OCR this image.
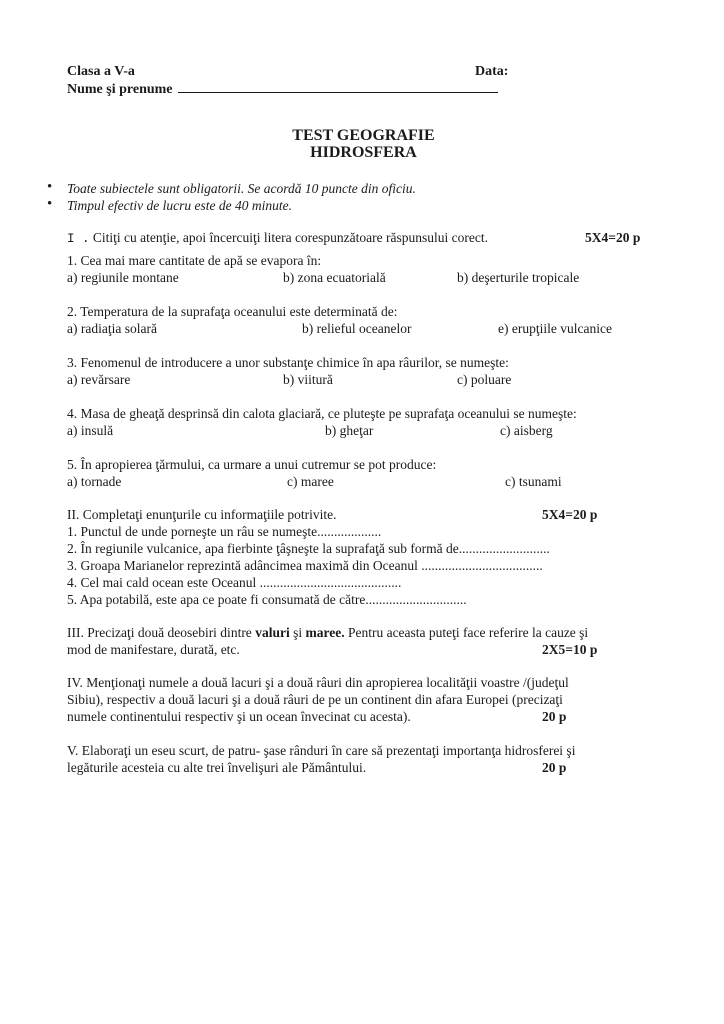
Clasa a V-a	Data:
Nume şi prenume
TEST GEOGRAFIE
HIDROSFERA
• Toate subiectele sunt obligatorii. Se acordă 10 puncte din oficiu.
• Timpul efectiv de lucru este de 40 minute.
I . Citiţi cu atenţie, apoi încercuiţi litera corespunzătoare răspunsului corect.	5X4=20 p
1. Cea mai mare cantitate de apă se evapora în:
a) regiunile montane	b) zona ecuatorială	b) deşerturile tropicale
2. Temperatura de la suprafaţa oceanului este determinată de:
a) radiaţia solară	b) relieful oceanelor	e) erupţiile vulcanice
3. Fenomenul de introducere a unor substanţe chimice în apa râurilor, se numeşte:
a) revărsare	b) viitură	c) poluare
4. Masa de gheaţă desprinsă din calota glaciară, ce pluteşte pe suprafaţa oceanului se numeşte:
a) insulă	b) gheţar	c) aisberg
5. În apropierea ţărmului, ca urmare a unui cutremur se pot produce:
a) tornade	c) maree	c) tsunami
II. Completaţi enunţurile cu informaţiile potrivite.	5X4=20 p
1. Punctul de unde porneşte un râu se numeşte...................
2. În regiunile vulcanice, apa fierbinte ţâşneşte la suprafaţă sub formă de...........................
3. Groapa Marianelor reprezintă adâncimea maximă din Oceanul ....................................
4. Cel mai cald ocean este Oceanul ..........................................
5. Apa potabilă, este apa ce poate fi consumată de către..............................
III. Precizaţi două deosebiri dintre valuri şi maree. Pentru aceasta puteţi face referire la cauze şi
mod de manifestare, durată, etc.	2X5=10 p
IV. Menţionaţi numele a două lacuri şi a două râuri din apropierea localităţii voastre /(judeţul
Sibiu), respectiv a două lacuri şi a două râuri de pe un continent din afara Europei (precizaţi
numele continentului respectiv şi un ocean învecinat cu acesta).	20 p
V. Elaboraţi un eseu scurt, de patru- şase rânduri în care să prezentaţi importanţa hidrosferei şi
legăturile acesteia cu alte trei învelişuri ale Pământului.	20 p
